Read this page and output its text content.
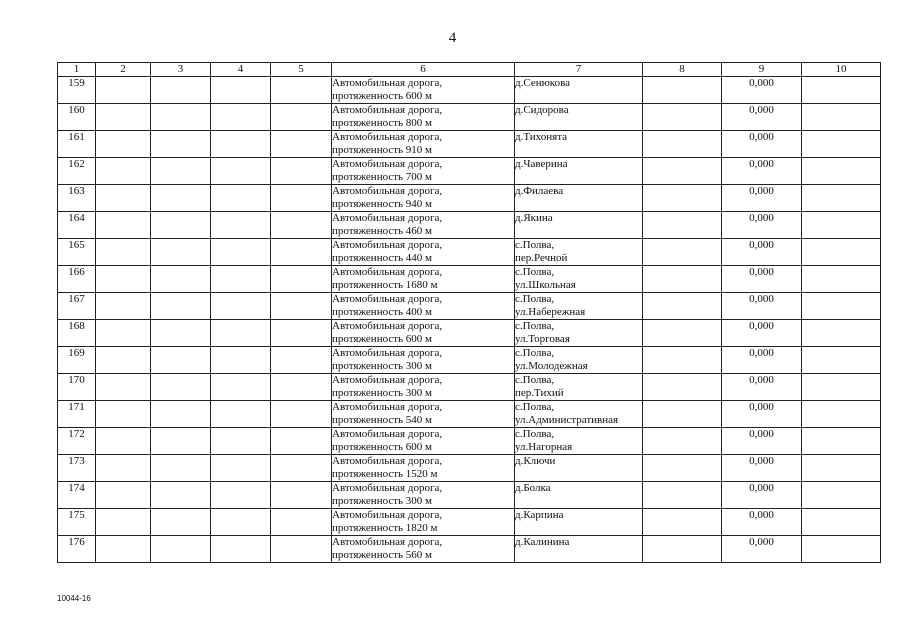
4
1	2	3	4	5	6	7	8	9	10
159					Автомобильная дорога,
протяженность 600 м	д.Сенюкова		0,000	
160					Автомобильная дорога,
протяженность 800 м	д.Сидорова		0,000	
161					Автомобильная дорога,
протяженность 910 м	д.Тихонята		0,000	
162					Автомобильная дорога,
протяженность 700 м	д.Чаверина		0,000	
163					Автомобильная дорога,
протяженность 940 м	д.Филаева		0,000	
164					Автомобильная дорога,
протяженность 460 м	д.Якина		0,000	
165					Автомобильная дорога,
протяженность 440 м	с.Полва,
пер.Речной		0,000	
166					Автомобильная дорога,
протяженность 1680 м	с.Полва,
ул.Школьная		0,000	
167					Автомобильная дорога,
протяженность 400 м	с.Полва,
ул.Набережная		0,000	
168					Автомобильная дорога,
протяженность 600 м	с.Полва,
ул.Торговая		0,000	
169					Автомобильная дорога,
протяженность 300 м	с.Полва,
ул.Молодежная		0,000	
170					Автомобильная дорога,
протяженность 300 м	с.Полва,
пер.Тихий		0,000	
171					Автомобильная дорога,
протяженность 540 м	с.Полва,
ул.Административная		0,000	
172					Автомобильная дорога,
протяженность 600 м	с.Полва,
ул.Нагорная		0,000	
173					Автомобильная дорога,
протяженность 1520 м	д.Ключи		0,000	
174					Автомобильная дорога,
протяженность 300 м	д.Болка		0,000	
175					Автомобильная дорога,
протяженность 1820 м	д.Карпина		0,000	
176					Автомобильная дорога,
протяженность 560 м	д.Калинина		0,000	
10044-16
